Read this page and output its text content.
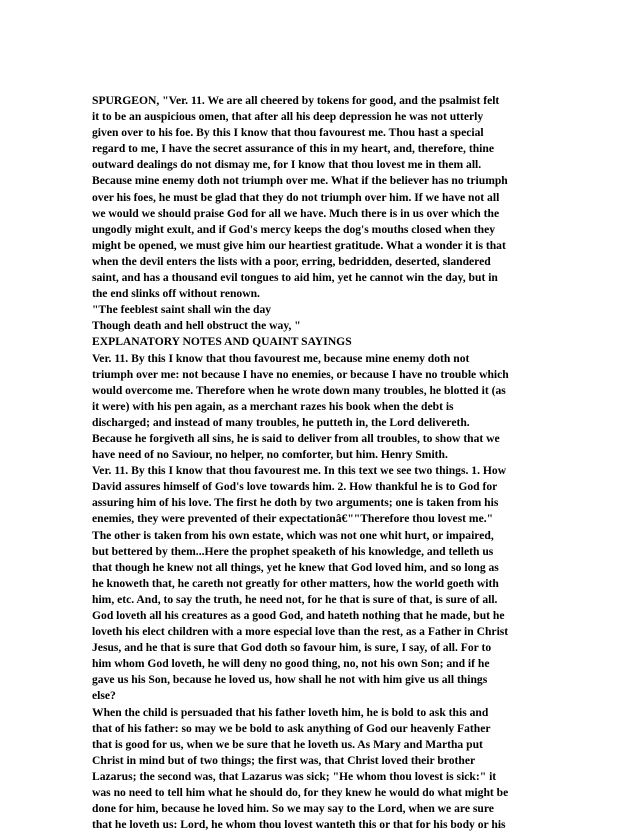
SPURGEON, "Ver. 11. We are all cheered by tokens for good, and the psalmist felt
it to be an auspicious omen, that after all his deep depression he was not utterly
given over to his foe. By this I know that thou favourest me. Thou hast a special
regard to me, I have the secret assurance of this in my heart, and, therefore, thine
outward dealings do not dismay me, for I know that thou lovest me in them all.
Because mine enemy doth not triumph over me. What if the believer has no triumph
over his foes, he must be glad that they do not triumph over him. If we have not all
we would we should praise God for all we have. Much there is in us over which the
ungodly might exult, and if God's mercy keeps the dog's mouths closed when they
might be opened, we must give him our heartiest gratitude. What a wonder it is that
when the devil enters the lists with a poor, erring, bedridden, deserted, slandered
saint, and has a thousand evil tongues to aid him, yet he cannot win the day, but in
the end slinks off without renown.
"The feeblest saint shall win the day
Though death and hell obstruct the way, "
EXPLANATORY NOTES AND QUAINT SAYINGS
Ver. 11. By this I know that thou favourest me, because mine enemy doth not
triumph over me: not because I have no enemies, or because I have no trouble which
would overcome me. Therefore when he wrote down many troubles, he blotted it (as
it were) with his pen again, as a merchant razes his book when the debt is
discharged; and instead of many troubles, he putteth in, the Lord delivereth.
Because he forgiveth all sins, he is said to deliver from all troubles, to show that we
have need of no Saviour, no helper, no comforter, but him. Henry Smith.
Ver. 11. By this I know that thou favourest me. In this text we see two things. 1. How
David assures himself of God's love towards him. 2. How thankful he is to God for
assuring him of his love. The first he doth by two arguments; one is taken from his
enemies, they were prevented of their expectationâ€""Therefore thou lovest me."
The other is taken from his own estate, which was not one whit hurt, or impaired,
but bettered by them...Here the prophet speaketh of his knowledge, and telleth us
that though he knew not all things, yet he knew that God loved him, and so long as
he knoweth that, he careth not greatly for other matters, how the world goeth with
him, etc. And, to say the truth, he need not, for he that is sure of that, is sure of all.
God loveth all his creatures as a good God, and hateth nothing that he made, but he
loveth his elect children with a more especial love than the rest, as a Father in Christ
Jesus, and he that is sure that God doth so favour him, is sure, I say, of all. For to
him whom God loveth, he will deny no good thing, no, not his own Son; and if he
gave us his Son, because he loved us, how shall he not with him give us all things
else?
When the child is persuaded that his father loveth him, he is bold to ask this and
that of his father: so may we be bold to ask anything of God our heavenly Father
that is good for us, when we be sure that he loveth us. As Mary and Martha put
Christ in mind but of two things; the first was, that Christ loved their brother
Lazarus; the second was, that Lazarus was sick; "He whom thou lovest is sick:" it
was no need to tell him what he should do, for they knew he would do what might be
done for him, because he loved him. So we may say to the Lord, when we are sure
that he loveth us: Lord, he whom thou lovest wanteth this or that for his body or his
